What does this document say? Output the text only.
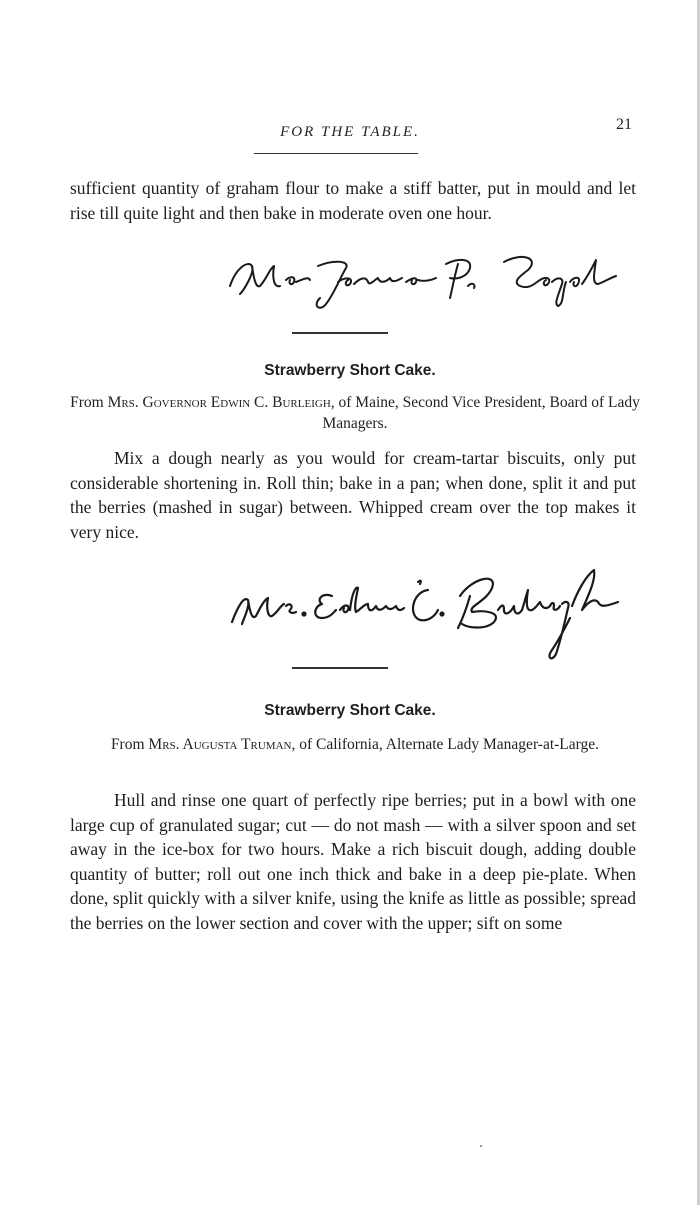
FOR THE TABLE.	21
sufficient quantity of graham flour to make a stiff batter, put in mould and let rise till quite light and then bake in moderate oven one hour.
Strawberry Short Cake.
From Mrs. Governor Edwin C. Burleigh, of Maine, Second Vice President, Board of Lady Managers.
Mix a dough nearly as you would for cream-tartar biscuits, only put considerable shortening in. Roll thin; bake in a pan; when done, split it and put the berries (mashed in sugar) between. Whipped cream over the top makes it very nice.
Strawberry Short Cake.
From Mrs. Augusta Truman, of California, Alternate Lady Manager-at-Large.
Hull and rinse one quart of perfectly ripe berries; put in a bowl with one large cup of granulated sugar; cut — do not mash — with a silver spoon and set away in the ice-box for two hours. Make a rich biscuit dough, adding double quantity of butter; roll out one inch thick and bake in a deep pie-plate. When done, split quickly with a silver knife, using the knife as little as possible; spread the berries on the lower section and cover with the upper; sift on some
